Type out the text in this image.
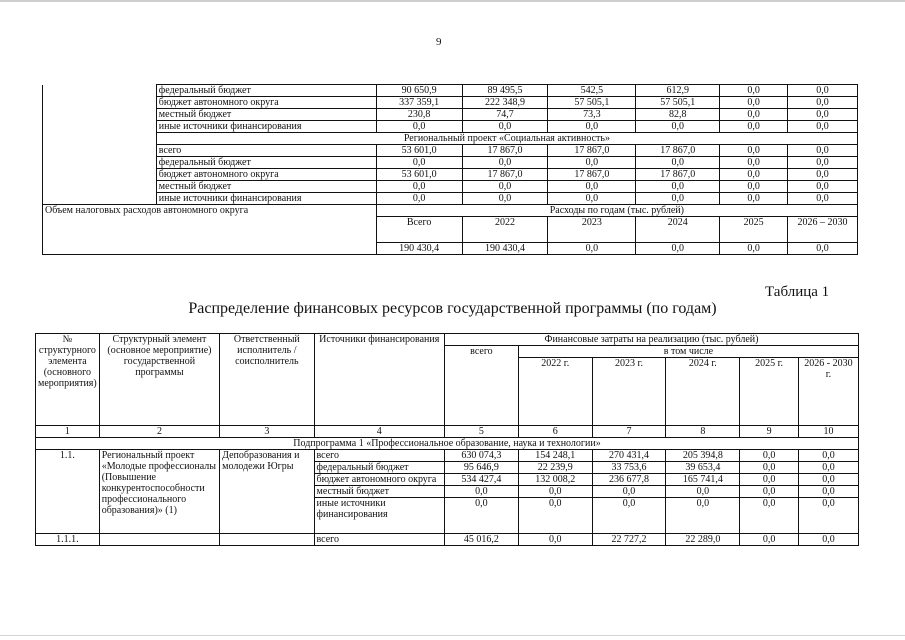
9
	федеральный бюджет	90 650,9	89 495,5	542,5	612,9	0,0	0,0
	бюджет автономного округа	337 359,1	222 348,9	57 505,1	57 505,1	0,0	0,0
	местный бюджет	230,8	74,7	73,3	82,8	0,0	0,0
	иные источники финансирования	0,0	0,0	0,0	0,0	0,0	0,0
	Региональный проект «Социальная активность»						
	всего	53 601,0	17 867,0	17 867,0	17 867,0	0,0	0,0
	федеральный бюджет	0,0	0,0	0,0	0,0	0,0	0,0
	бюджет автономного округа	53 601,0	17 867,0	17 867,0	17 867,0	0,0	0,0
	местный бюджет	0,0	0,0	0,0	0,0	0,0	0,0
	иные источники финансирования	0,0	0,0	0,0	0,0	0,0	0,0
Объем налоговых расходов автономного округа		Расходы по годам (тыс. рублей)					
		Всего	2022	2023	2024	2025	2026 – 2030
		190 430,4	190 430,4	0,0	0,0	0,0	0,0
Таблица 1
Распределение финансовых ресурсов государственной программы (по годам)
№ структурного элемента (основного мероприятия)	Структурный элемент (основное мероприятие) государственной программы	Ответственный исполнитель / соисполнитель	Источники финансирования	Финансовые затраты на реализацию (тыс. рублей)					
				всего	в том числе				
					2022 г.	2023 г.	2024 г.	2025 г.	2026 - 2030 г.
1	2	3	4	5	6	7	8	9	10
Подпрограмма 1 «Профессиональное образование, наука и технологии»									
1.1.	Региональный проект «Молодые профессионалы (Повышение конкурентоспособности профессионального образования)» (1)	Депобразования и молодежи Югры	всего	630 074,3	154 248,1	270 431,4	205 394,8	0,0	0,0
			федеральный бюджет	95 646,9	22 239,9	33 753,6	39 653,4	0,0	0,0
			бюджет автономного округа	534 427,4	132 008,2	236 677,8	165 741,4	0,0	0,0
			местный бюджет	0,0	0,0	0,0	0,0	0,0	0,0
			иные источники финансирования	0,0	0,0	0,0	0,0	0,0	0,0
1.1.1.			всего	45 016,2	0,0	22 727,2	22 289,0	0,0	0,0
